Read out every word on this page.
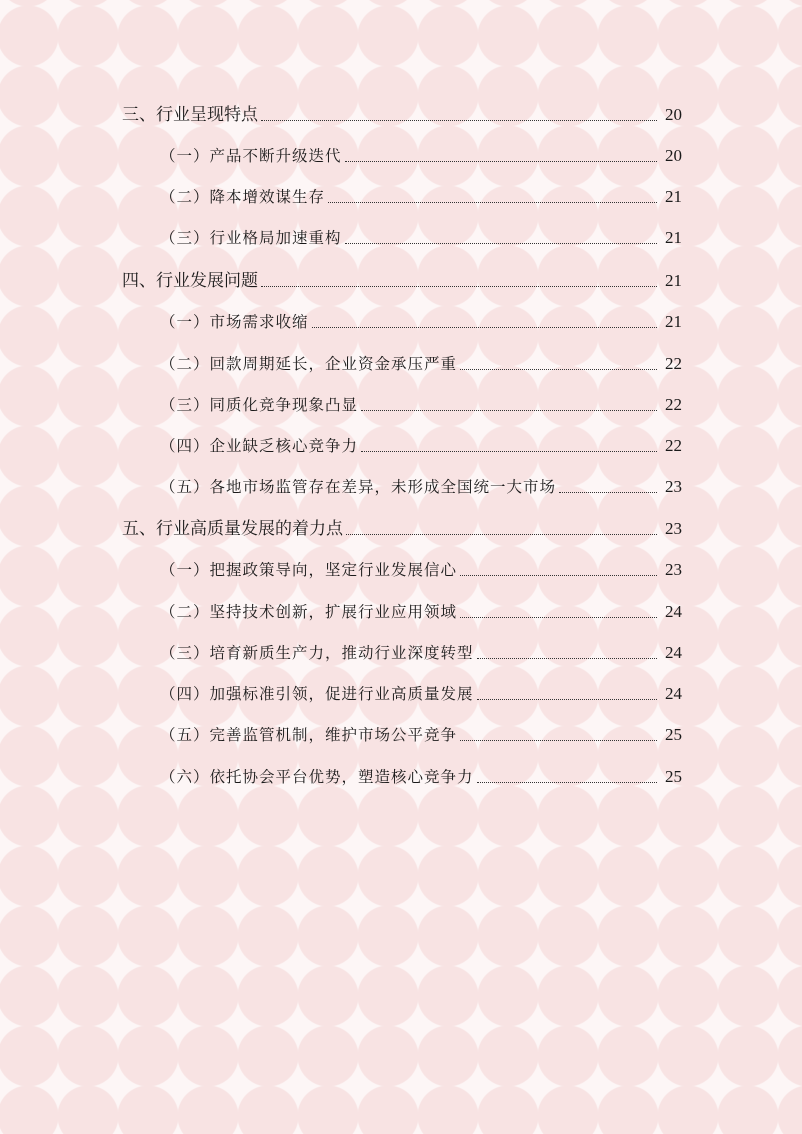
三、行业呈现特点	20
（一）产品不断升级迭代	20
（二）降本增效谋生存	21
（三）行业格局加速重构	21
四、行业发展问题	21
（一）市场需求收缩	21
（二）回款周期延长，企业资金承压严重	22
（三）同质化竞争现象凸显	22
（四）企业缺乏核心竞争力	22
（五）各地市场监管存在差异，未形成全国统一大市场	23
五、行业高质量发展的着力点	23
（一）把握政策导向，坚定行业发展信心	23
（二）坚持技术创新，扩展行业应用领域	24
（三）培育新质生产力，推动行业深度转型	24
（四）加强标准引领，促进行业高质量发展	24
（五）完善监管机制，维护市场公平竞争	25
（六）依托协会平台优势，塑造核心竞争力	25
